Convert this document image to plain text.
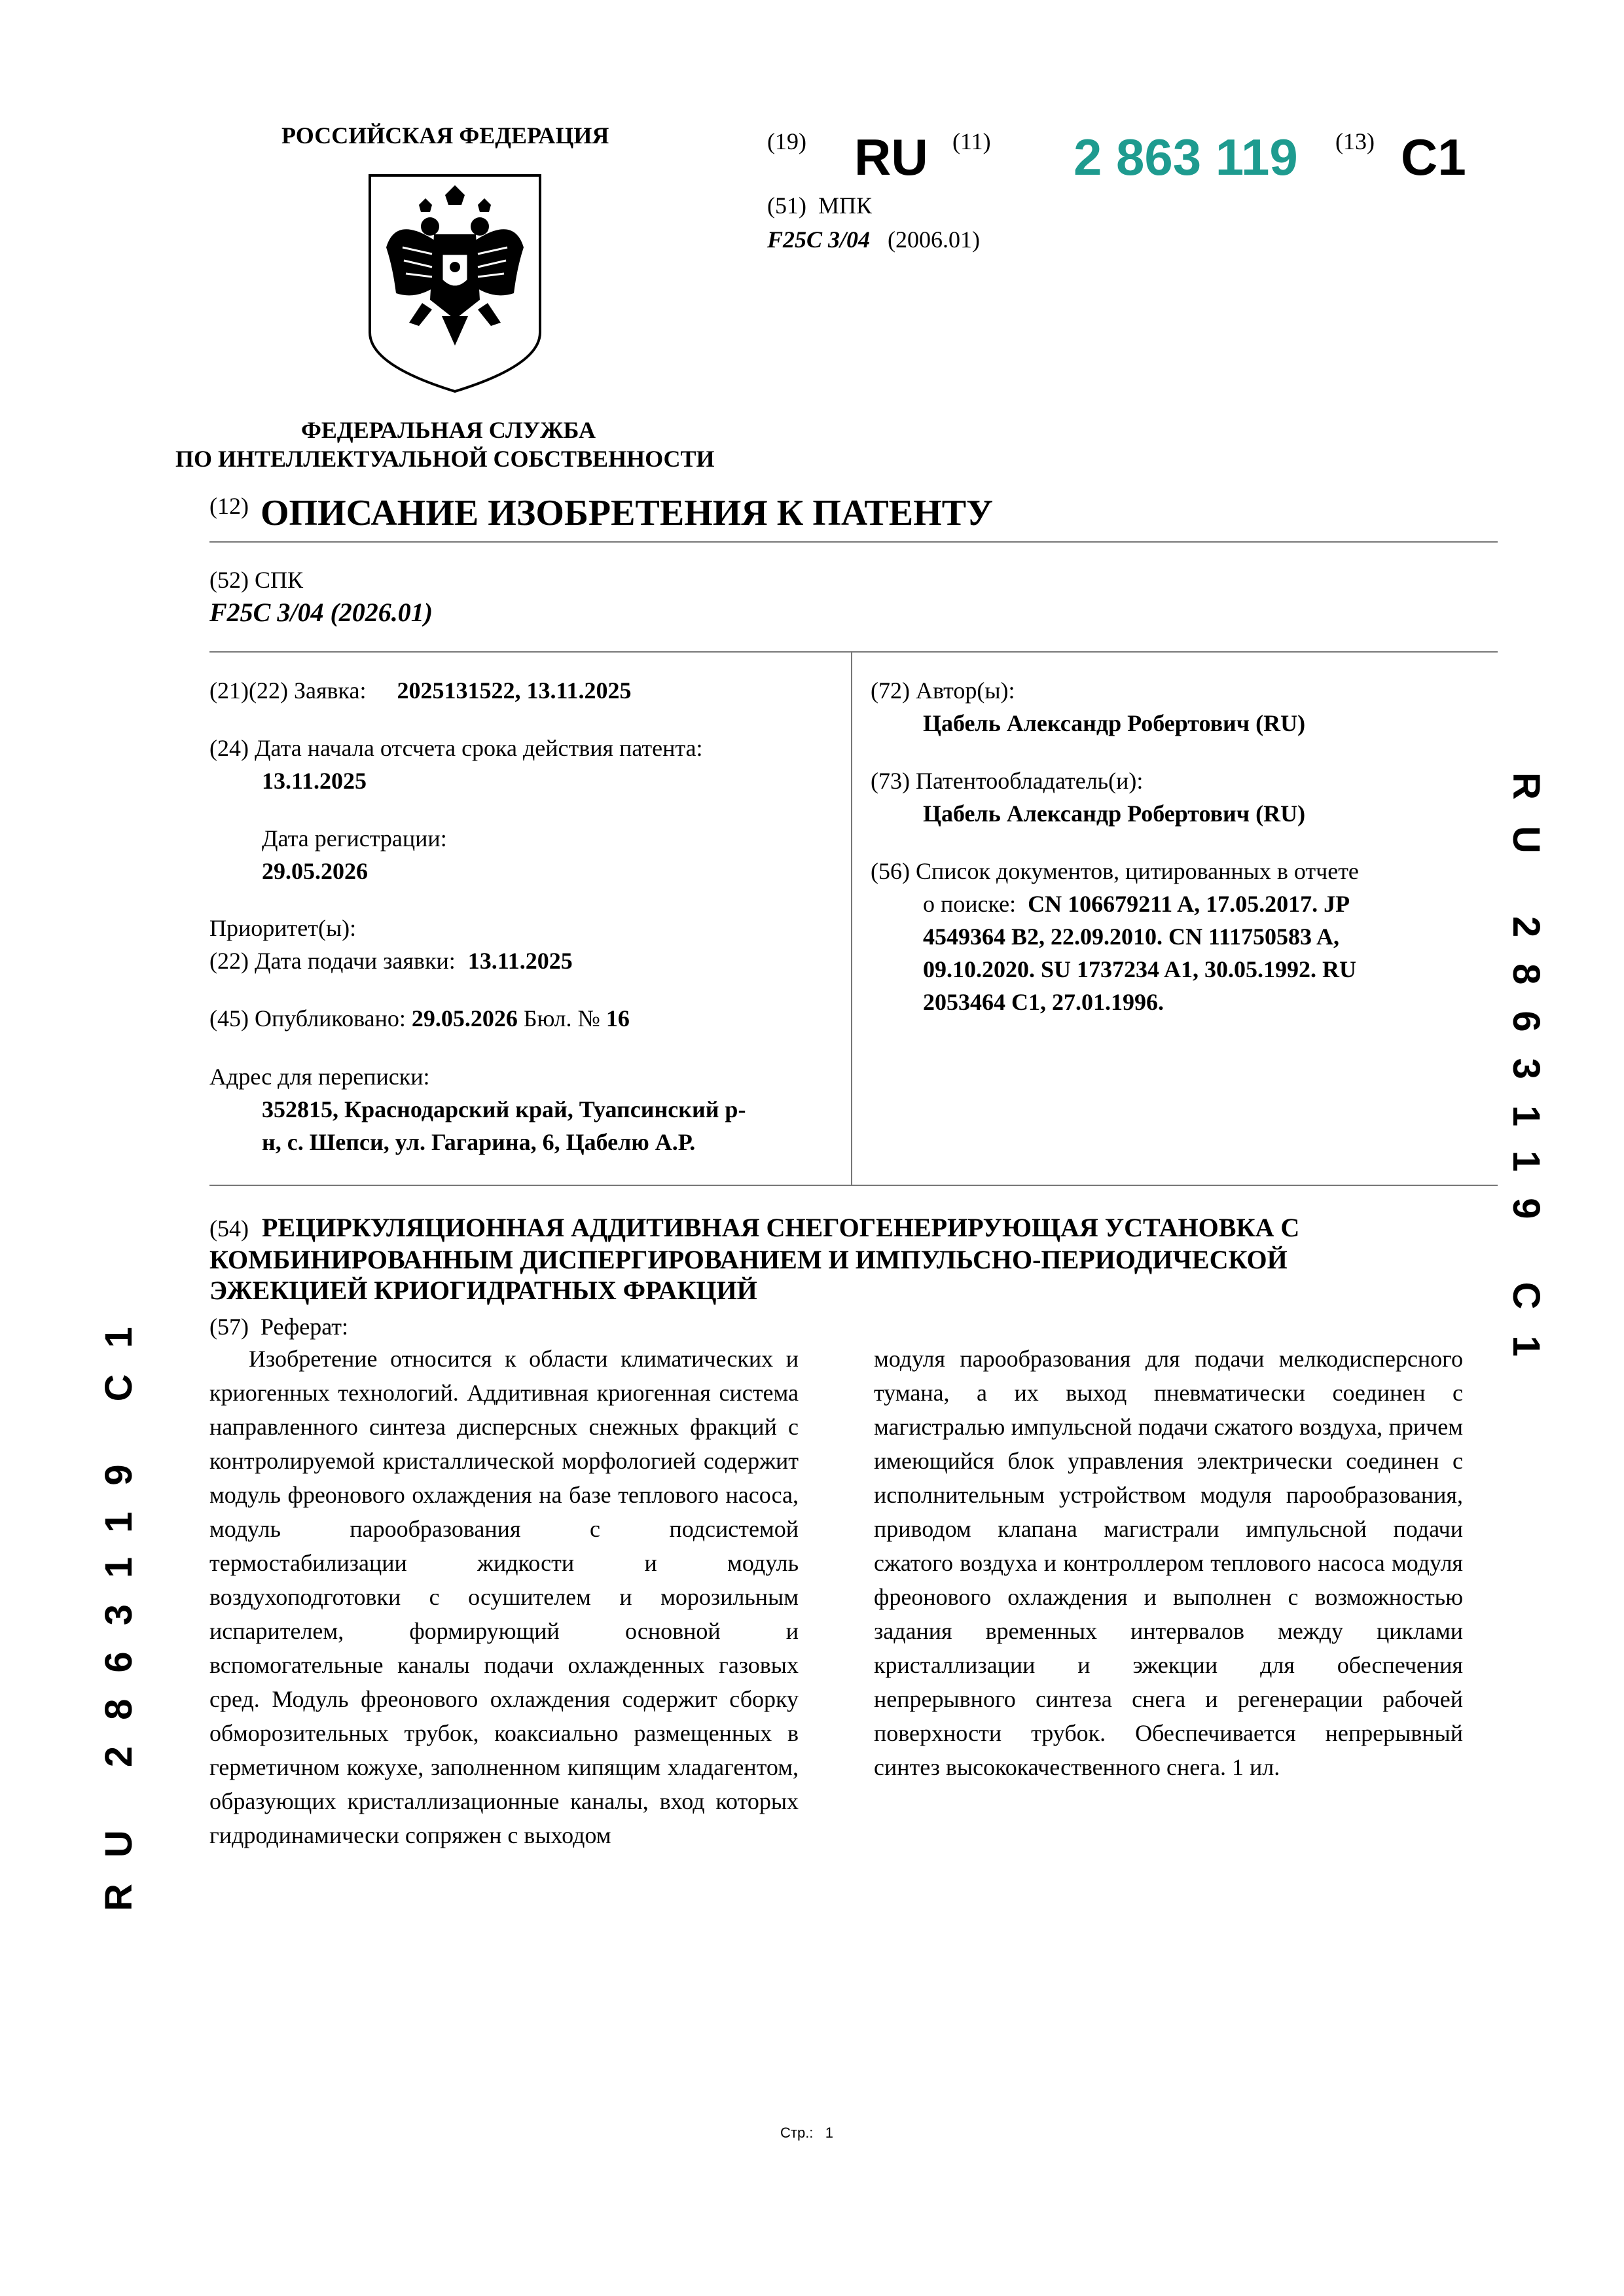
РОССИЙСКАЯ ФЕДЕРАЦИЯ
ФЕДЕРАЛЬНАЯ СЛУЖБА
ПО ИНТЕЛЛЕКТУАЛЬНОЙ СОБСТВЕННОСТИ
(19) RU (11) 2 863 119 (13) C1
(51) МПК
F25C 3/04 (2006.01)
(12) ОПИСАНИЕ ИЗОБРЕТЕНИЯ К ПАТЕНТУ
(52) СПК
F25C 3/04 (2026.01)
(21)(22) Заявка: 2025131522, 13.11.2025
(24) Дата начала отсчета срока действия патента:
13.11.2025
Дата регистрации:
29.05.2026
Приоритет(ы):
(22) Дата подачи заявки: 13.11.2025
(45) Опубликовано: 29.05.2026 Бюл. № 16
Адрес для переписки:
352815, Краснодарский край, Туапсинский р-
н, с. Шепси, ул. Гагарина, 6, Цабелю А.Р.
(72) Автор(ы):
Цабель Александр Робертович (RU)
(73) Патентообладатель(и):
Цабель Александр Робертович (RU)
(56) Список документов, цитированных в отчете
о поиске: CN 106679211 A, 17.05.2017. JP
4549364 B2, 22.09.2010. CN 111750583 A,
09.10.2020. SU 1737234 A1, 30.05.1992. RU
2053464 C1, 27.01.1996.
(54) РЕЦИРКУЛЯЦИОННАЯ АДДИТИВНАЯ СНЕГОГЕНЕРИРУЮЩАЯ УСТАНОВКА С
КОМБИНИРОВАННЫМ ДИСПЕРГИРОВАНИЕМ И ИМПУЛЬСНО-ПЕРИОДИЧЕСКОЙ
ЭЖЕКЦИЕЙ КРИОГИДРАТНЫХ ФРАКЦИЙ
(57) Реферат:
Изобретение относится к области климатических и криогенных технологий. Аддитивная криогенная система направленного синтеза дисперсных снежных фракций с контролируемой кристаллической морфологией содержит модуль фреонового охлаждения на базе теплового насоса, модуль парообразования с подсистемой термостабилизации жидкости и модуль воздухоподготовки с осушителем и морозильным испарителем, формирующий основной и вспомогательные каналы подачи охлажденных газовых сред. Модуль фреонового охлаждения содержит сборку обморозительных трубок, коаксиально размещенных в герметичном кожухе, заполненном кипящим хладагентом, образующих кристаллизационные каналы, вход которых гидродинамически сопряжен с выходом
модуля парообразования для подачи мелкодисперсного тумана, а их выход пневматически соединен с магистралью импульсной подачи сжатого воздуха, причем имеющийся блок управления электрически соединен с исполнительным устройством модуля парообразования, приводом клапана магистрали импульсной подачи сжатого воздуха и контроллером теплового насоса модуля фреонового охлаждения и выполнен с возможностью задания временных интервалов между циклами кристаллизации и эжекции для обеспечения непрерывного синтеза снега и регенерации рабочей поверхности трубок. Обеспечивается непрерывный синтез высококачественного снега. 1 ил.
RU 2863119 C1
RU 2863119 C1
Стр.: 1
